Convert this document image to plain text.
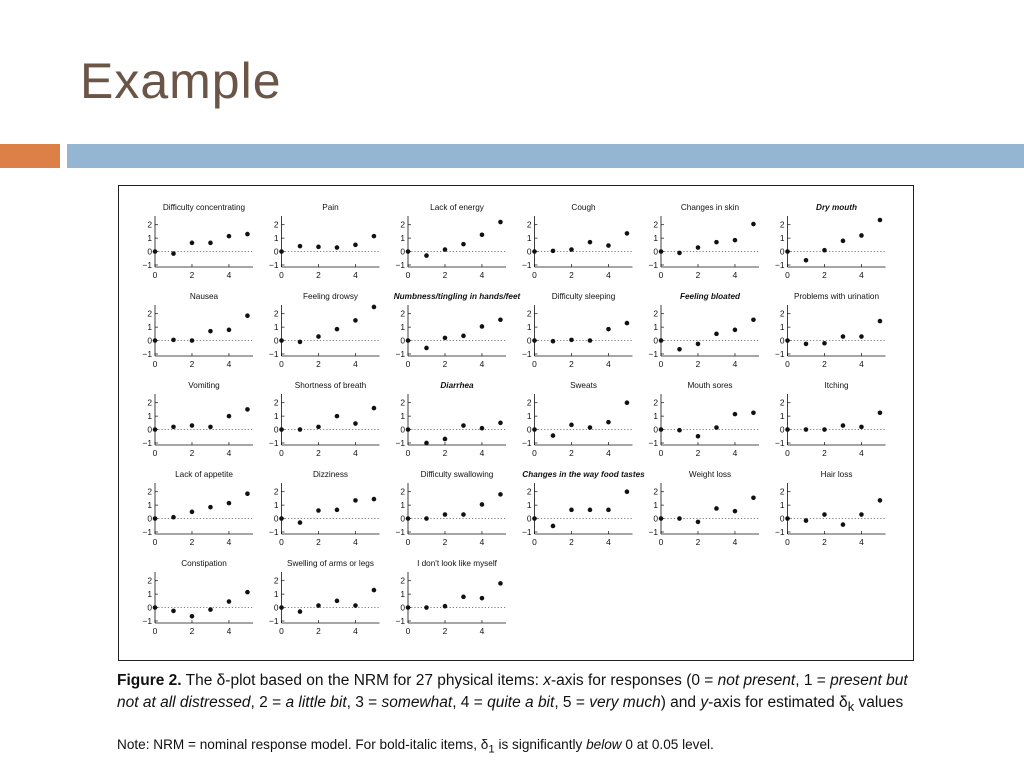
Example
Difficulty concentrating
2
1
0
−1
0	2	4
Pain
2
1
0
−1
0	2	4
Lack of energy
2
1
0
−1
0	2	4
Cough
2
1
0
−1
0	2	4
Changes in skin
2
1
0
−1
0	2	4
Dry mouth
2
1
0
−1
0	2	4
Nausea
2
1
0
−1
0	2	4
Feeling drowsy
2
1
0
−1
0	2	4
Numbness/tingling in hands/feet
2
1
0
−1
0	2	4
Difficulty sleeping
2
1
0
−1
0	2	4
Feeling bloated
2
1
0
−1
0	2	4
Problems with urination
2
1
0
−1
0	2	4
Vomiting
2
1
0
−1
0	2	4
Shortness of breath
2
1
0
−1
0	2	4
Diarrhea
2
1
0
−1
0	2	4
Sweats
2
1
0
−1
0	2	4
Mouth sores
2
1
0
−1
0	2	4
Itching
2
1
0
−1
0	2	4
Lack of appetite
2
1
0
−1
0	2	4
Dizziness
2
1
0
−1
0	2	4
Difficulty swallowing
2
1
0
−1
0	2	4
Changes in the way food tastes
2
1
0
−1
0	2	4
Weight loss
2
1
0
−1
0	2	4
Hair loss
2
1
0
−1
0	2	4
Constipation
2
1
0
−1
0	2	4
Swelling of arms or legs
2
1
0
−1
0	2	4
I don't look like myself
2
1
0
−1
0	2	4
Figure 2. The δ-plot based on the NRM for 27 physical items: x-axis for responses (0 = not present, 1 = present but not at all distressed, 2 = a little bit, 3 = somewhat, 4 = quite a bit, 5 = very much) and y-axis for estimated $\delta_k$ values
Note: NRM = nominal response model. For bold-italic items, $\delta_1$ is significantly below 0 at 0.05 level.
